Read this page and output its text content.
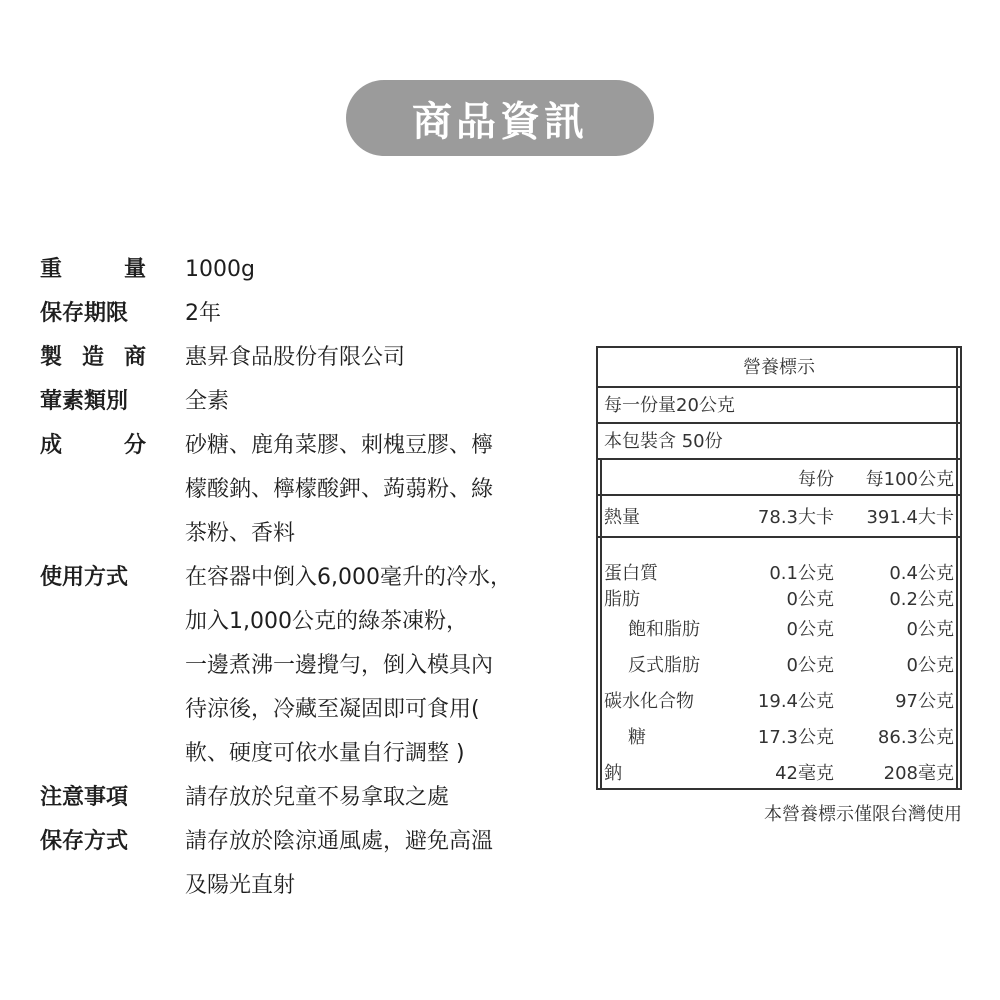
商品資訊
重	量 1000g
保存期限	2年
製 造 商 惠昇食品股份有限公司
葷素類別	全素
成	分 砂糖、鹿角菜膠、刺槐豆膠、檸
檬酸鈉、檸檬酸鉀、蒟蒻粉、綠
茶粉、香料
使用方式	在容器中倒入6,000毫升的冷水，
加入1,000公克的綠茶凍粉，
一邊煮沸一邊攪勻，倒入模具內
待涼後，冷藏至凝固即可食用(
軟、硬度可依水量自行調整 )
注意事項	請存放於兒童不易拿取之處
保存方式	請存放於陰涼通風處，避免高溫
及陽光直射
營養標示
每一份量20公克
本包裝含 50份
每份	每100公克
熱量	78.3大卡	391.4大卡
蛋白質	0.1公克	0.4公克
脂肪	0公克	0.2公克
飽和脂肪	0公克	0公克
反式脂肪	0公克	0公克
碳水化合物	19.4公克	97公克
糖	17.3公克	86.3公克
鈉	42毫克	208毫克
本營養標示僅限台灣使用
